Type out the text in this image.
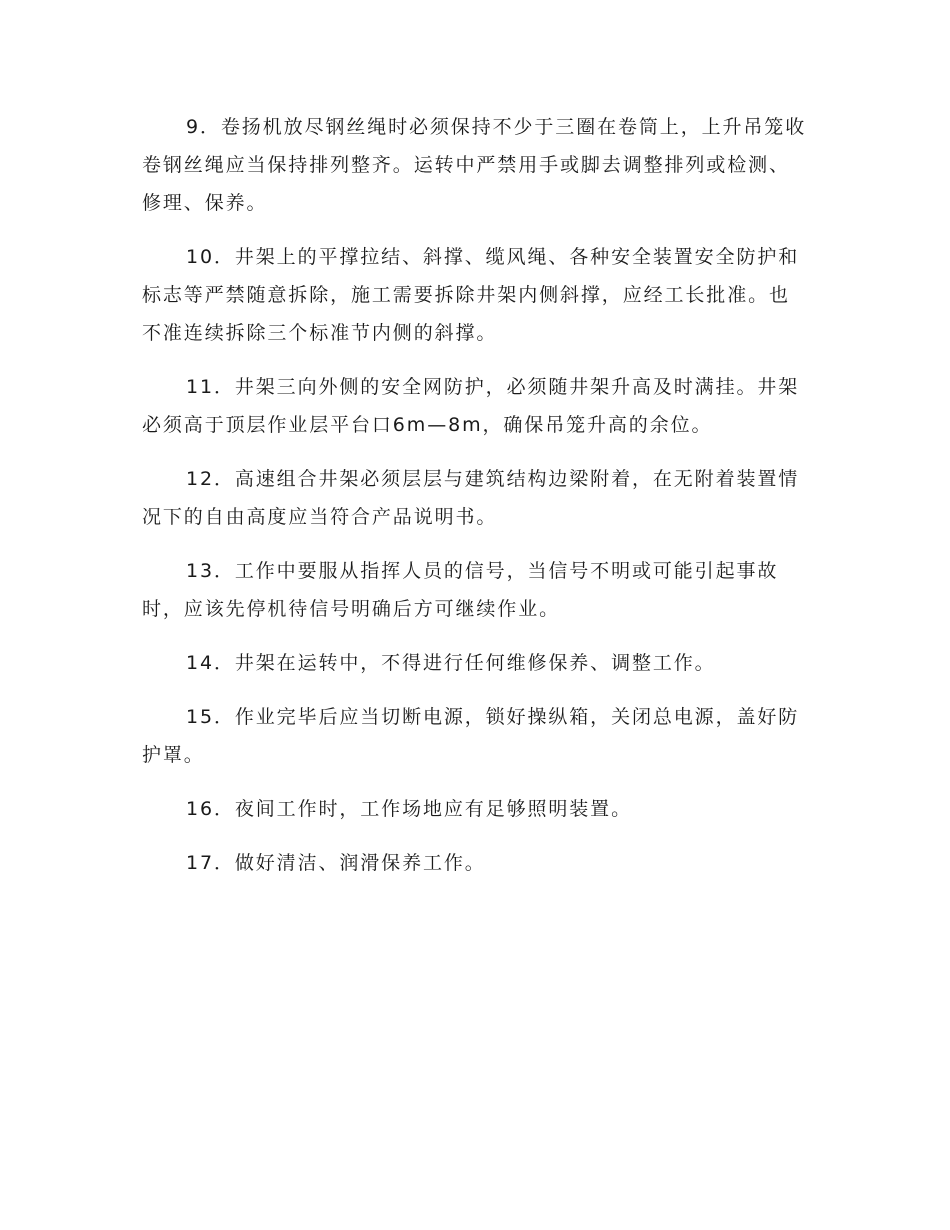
9．卷扬机放尽钢丝绳时必须保持不少于三圈在卷筒上，上升吊笼收卷钢丝绳应当保持排列整齐。运转中严禁用手或脚去调整排列或检测、修理、保养。

10．井架上的平撑拉结、斜撑、缆风绳、各种安全装置安全防护和标志等严禁随意拆除，施工需要拆除井架内侧斜撑，应经工长批准。也不准连续拆除三个标准节内侧的斜撑。

11．井架三向外侧的安全网防护，必须随井架升高及时满挂。井架必须高于顶层作业层平台口6m—8m，确保吊笼升高的余位。

12．高速组合井架必须层层与建筑结构边梁附着，在无附着装置情况下的自由高度应当符合产品说明书。

13．工作中要服从指挥人员的信号，当信号不明或可能引起事故时，应该先停机待信号明确后方可继续作业。

14．井架在运转中，不得进行任何维修保养、调整工作。

15．作业完毕后应当切断电源，锁好操纵箱，关闭总电源，盖好防护罩。

16．夜间工作时，工作场地应有足够照明装置。

17．做好清洁、润滑保养工作。
